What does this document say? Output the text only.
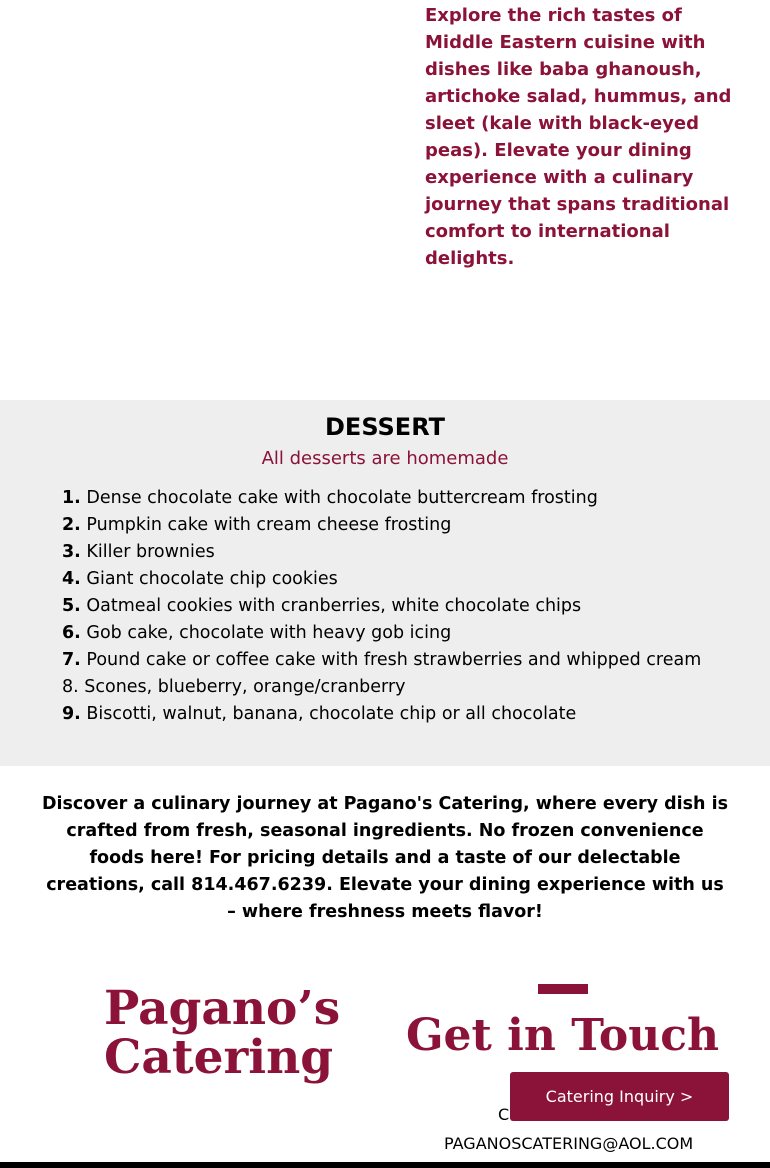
Explore the rich tastes of Middle Eastern cuisine with dishes like baba ghanoush, artichoke salad, hummus, and sleet (kale with black-eyed peas). Elevate your dining experience with a culinary journey that spans traditional comfort to international delights.

DESSERT

All desserts are homemade

1. Dense chocolate cake with chocolate buttercream frosting
2. Pumpkin cake with cream cheese frosting
3. Killer brownies
4. Giant chocolate chip cookies
5. Oatmeal cookies with cranberries, white chocolate chips
6. Gob cake, chocolate with heavy gob icing
7. Pound cake or coffee cake with fresh strawberries and whipped cream
8. Scones, blueberry, orange/cranberry
9. Biscotti, walnut, banana, chocolate chip or all chocolate

Discover a culinary journey at Pagano's Catering, where every dish is crafted from fresh, seasonal ingredients. No frozen convenience foods here! For pricing details and a taste of our delectable creations, call 814.467.6239. Elevate your dining experience with us – where freshness meets flavor!

Pagano’s
Catering	Get in Touch
C
Catering Inquiry >
PAGANOSCATERING@AOL.COM
